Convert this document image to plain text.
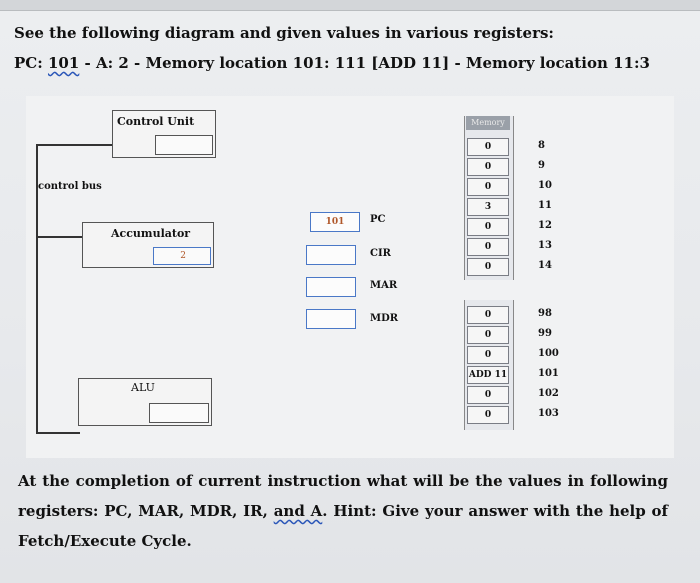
See the following diagram and given values in various registers:
PC: 101 - A: 2 - Memory location 101: 111 [ADD 11] - Memory location 11:3
Control Unit
control bus
Accumulator
2
ALU
101	PC
CIR
MAR
MDR
Memory
0	8
0	9
0	10
3	11
0	12
0	13
0	14
0	98
0	99
0	100
ADD 11	101
0	102
0	103
At the completion of current instruction what will be the values in following registers: PC, MAR, MDR, IR, and A. Hint: Give your answer with the help of Fetch/Execute Cycle.
